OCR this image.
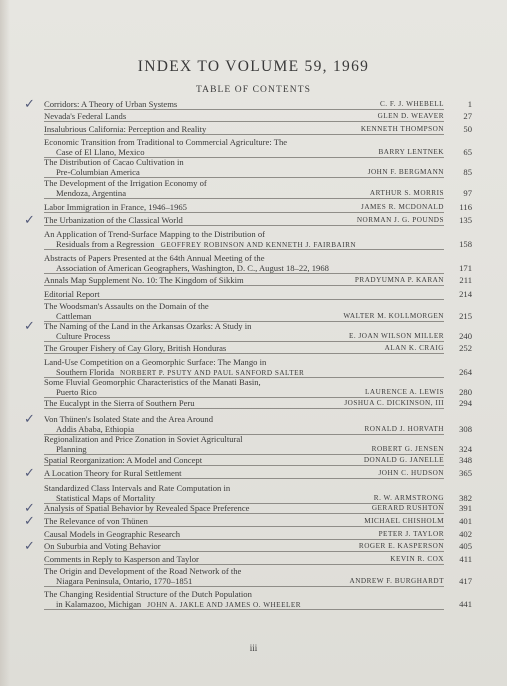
INDEX TO VOLUME 59, 1969
TABLE OF CONTENTS
Corridors: A Theory of Urban Systems	C. F. J. WHEBELL	1
✓
Nevada's Federal Lands	GLEN D. WEAVER	27
Insalubrious California: Perception and Reality	KENNETH THOMPSON	50
Economic Transition from Traditional to Commercial Agriculture: The
Case of El Llano, Mexico	BARRY LENTNEK	65
The Distribution of Cacao Cultivation in
Pre-Columbian America	JOHN F. BERGMANN	85
The Development of the Irrigation Economy of
Mendoza, Argentina	ARTHUR S. MORRIS	97
Labor Immigration in France, 1946–1965	JAMES R. MCDONALD	116
The Urbanization of the Classical World	NORMAN J. G. POUNDS	135
✓
An Application of Trend-Surface Mapping to the Distribution of
Residuals from a Regression GEOFFREY ROBINSON AND KENNETH J. FAIRBAIRN	158
Abstracts of Papers Presented at the 64th Annual Meeting of the
Association of American Geographers, Washington, D. C., August 18–22, 1968	171
Annals Map Supplement No. 10: The Kingdom of Sikkim	PRADYUMNA P. KARAN	211
Editorial Report	214
The Woodsman's Assaults on the Domain of the
Cattleman	WALTER M. KOLLMORGEN	215
The Naming of the Land in the Arkansas Ozarks: A Study in
Culture Process	E. JOAN WILSON MILLER	240
✓
The Grouper Fishery of Cay Glory, British Honduras	ALAN K. CRAIG	252
Land-Use Competition on a Geomorphic Surface: The Mango in
Southern Florida NORBERT P. PSUTY AND PAUL SANFORD SALTER	264
Some Fluvial Geomorphic Characteristics of the Manati Basin,
Puerto Rico	LAURENCE A. LEWIS	280
The Eucalypt in the Sierra of Southern Peru	JOSHUA C. DICKINSON, III	294
Von Thünen's Isolated State and the Area Around
Addis Ababa, Ethiopia	RONALD J. HORVATH	308
✓
Regionalization and Price Zonation in Soviet Agricultural
Planning	ROBERT G. JENSEN	324
Spatial Reorganization: A Model and Concept	DONALD G. JANELLE	348
A Location Theory for Rural Settlement	JOHN C. HUDSON	365
✓
Standardized Class Intervals and Rate Computation in
Statistical Maps of Mortality	R. W. ARMSTRONG	382
Analysis of Spatial Behavior by Revealed Space Preference	GERARD RUSHTON	391
✓
The Relevance of von Thünen	MICHAEL CHISHOLM	401
✓
Causal Models in Geographic Research	PETER J. TAYLOR	402
On Suburbia and Voting Behavior	ROGER E. KASPERSON	405
✓
Comments in Reply to Kasperson and Taylor	KEVIN R. COX	411
The Origin and Development of the Road Network of the
Niagara Peninsula, Ontario, 1770–1851	ANDREW F. BURGHARDT	417
The Changing Residential Structure of the Dutch Population
in Kalamazoo, Michigan JOHN A. JAKLE AND JAMES O. WHEELER	441
iii
